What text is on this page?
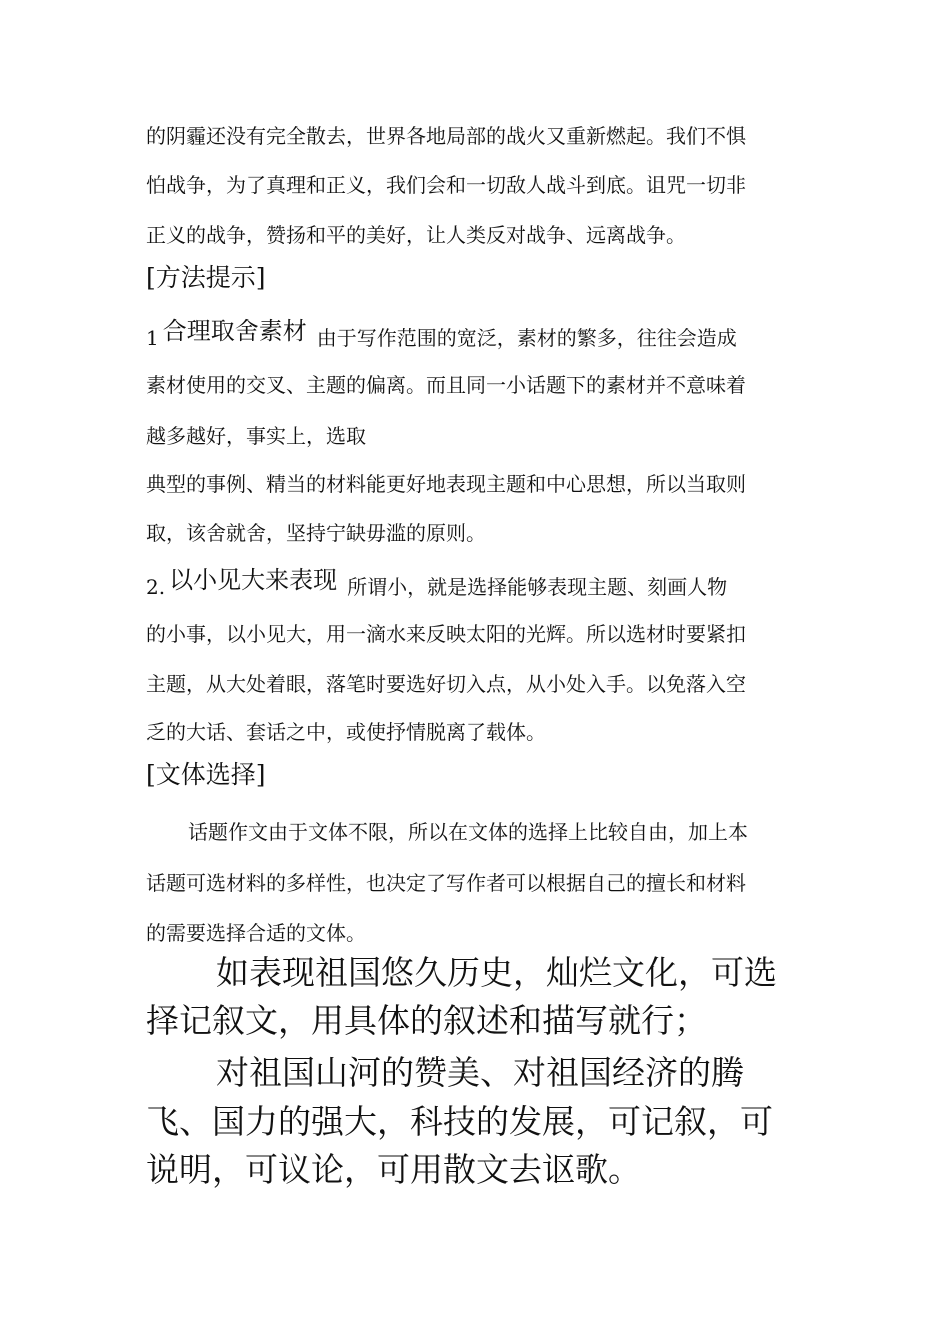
的阴霾还没有完全散去，世界各地局部的战火又重新燃起。我们不惧
怕战争，为了真理和正义，我们会和一切敌人战斗到底。诅咒一切非
正义的战争，赞扬和平的美好，让人类反对战争、远离战争。
[方法提示]
1 合理取舍素材 由于写作范围的宽泛，素材的繁多，往往会造成
素材使用的交叉、主题的偏离。而且同一小话题下的素材并不意味着
越多越好，事实上，选取
典型的事例、精当的材料能更好地表现主题和中心思想，所以当取则
取，该舍就舍，坚持宁缺毋滥的原则。
2. 以小见大来表现 所谓小，就是选择能够表现主题、刻画人物
的小事，以小见大，用一滴水来反映太阳的光辉。所以选材时要紧扣
主题，从大处着眼，落笔时要选好切入点，从小处入手。以免落入空
乏的大话、套话之中，或使抒情脱离了载体。
[文体选择]
话题作文由于文体不限，所以在文体的选择上比较自由，加上本
话题可选材料的多样性，也决定了写作者可以根据自己的擅长和材料
的需要选择合适的文体。
如表现祖国悠久历史，灿烂文化，可选
择记叙文，用具体的叙述和描写就行；
对祖国山河的赞美、对祖国经济的腾
飞、国力的强大，科技的发展，可记叙，可
说明，可议论，可用散文去讴歌。
